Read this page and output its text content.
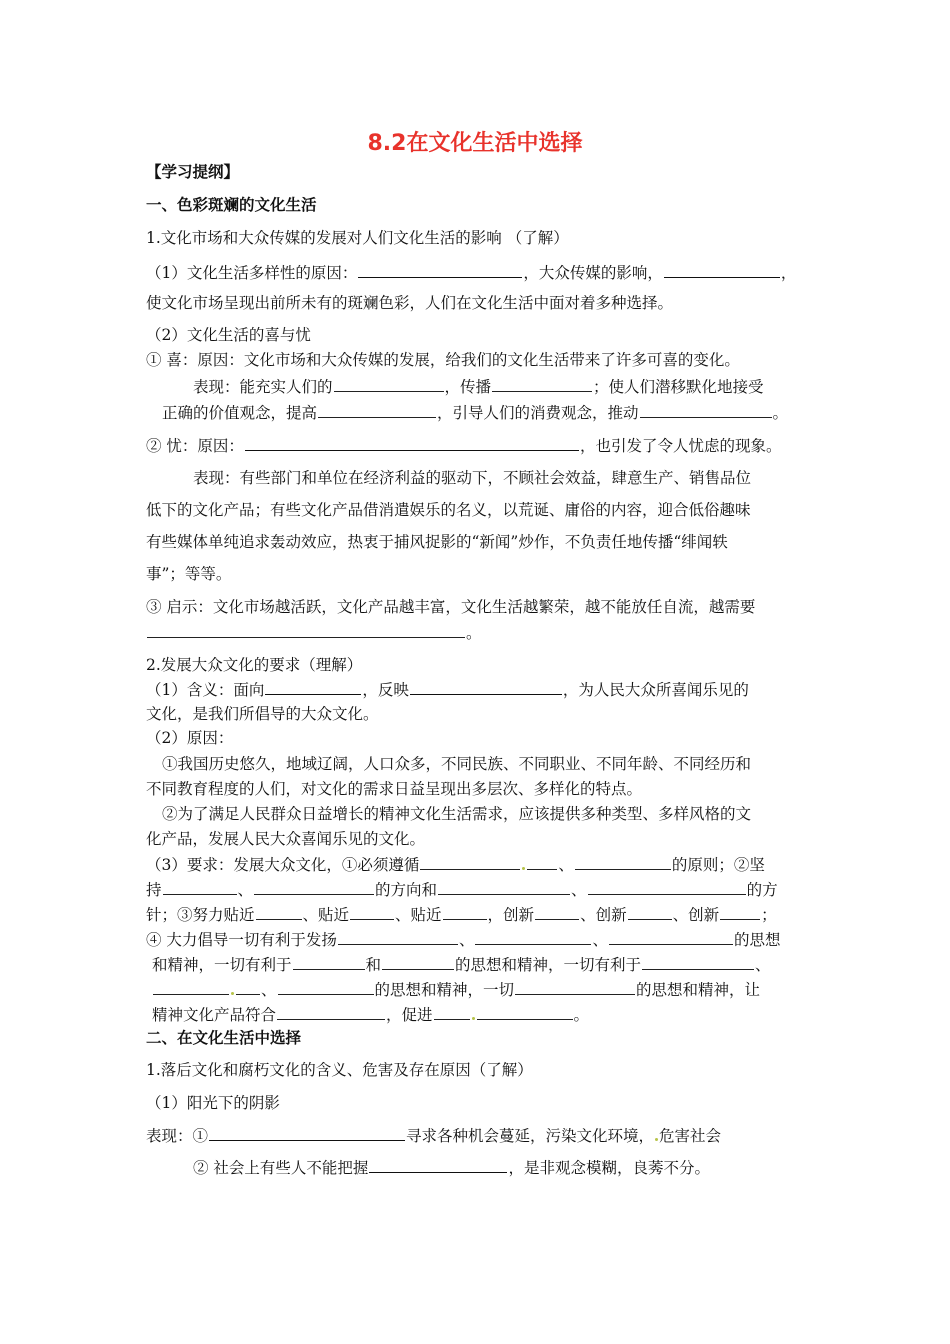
8.2在文化生活中选择
【学习提纲】
一、色彩斑斓的文化生活
1.文化市场和大众传媒的发展对人们文化生活的影响 （了解）
（1）文化生活多样性的原因：	，大众传媒的影响，	，
使文化市场呈现出前所未有的斑斓色彩，人们在文化生活中面对着多种选择。
（2）文化生活的喜与忧
① 喜：原因：文化市场和大众传媒的发展，给我们的文化生活带来了许多可喜的变化。
表现：能充实人们的	，传播	；使人们潜移默化地接受
正确的价值观念，提高	，引导人们的消费观念，推动	。
② 忧：原因：	，也引发了令人忧虑的现象。
表现：有些部门和单位在经济利益的驱动下，不顾社会效益，肆意生产、销售品位
低下的文化产品；有些文化产品借消遣娱乐的名义，以荒诞、庸俗的内容，迎合低俗趣味
有些媒体单纯追求轰动效应，热衷于捕风捉影的“新闻”炒作，不负责任地传播“绯闻轶
事”；等等。
③ 启示：文化市场越活跃，文化产品越丰富，文化生活越繁荣，越不能放任自流，越需要
。
2.发展大众文化的要求（理解）
（1）含义：面向	，反映	，为人民大众所喜闻乐见的
文化，是我们所倡导的大众文化。
（2）原因：
①我国历史悠久，地域辽阔，人口众多，不同民族、不同职业、不同年龄、不同经历和
不同教育程度的人们，对文化的需求日益呈现出多层次、多样化的特点。
②为了满足人民群众日益增长的精神文化生活需求，应该提供多种类型、多样风格的文
化产品，发展人民大众喜闻乐见的文化。
（3）要求：发展大众文化，①必须遵循	、	的原则；②坚
持	、	的方向和	、	的方
针；③努力贴近	、贴近	、贴近	，创新	、创新	、创新	；
④ 大力倡导一切有利于发扬	、	、	的思想
和精神，一切有利于	和	的思想和精神，一切有利于	、
、	的思想和精神，一切	的思想和精神，让
精神文化产品符合	，促进	。
二、在文化生活中选择
1.落后文化和腐朽文化的含义、危害及存在原因（了解）
（1）阳光下的阴影
表现：①	寻求各种机会蔓延，污染文化环境， 危害社会
② 社会上有些人不能把握	，是非观念模糊，良莠不分。
